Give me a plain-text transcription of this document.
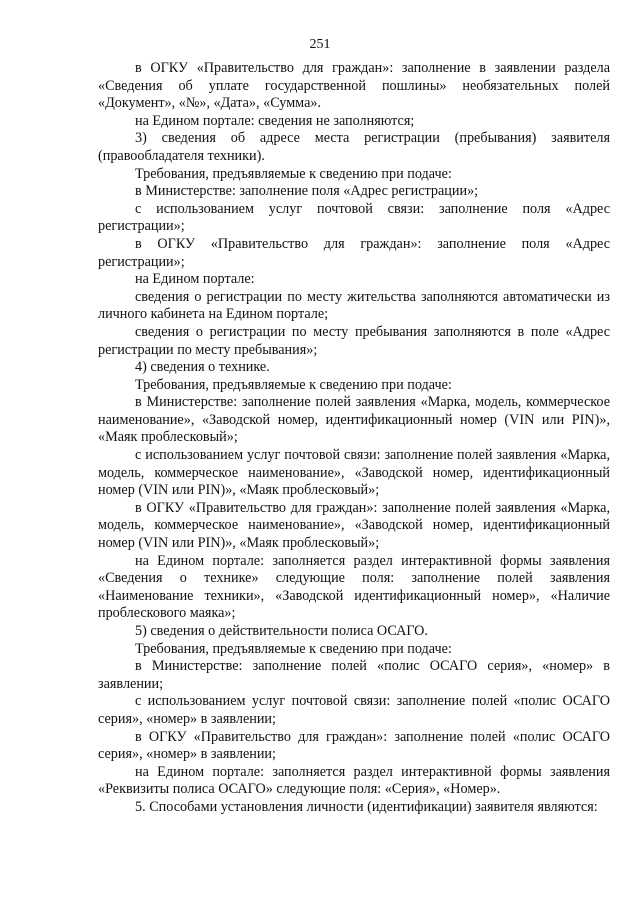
251

в ОГКУ «Правительство для граждан»: заполнение в заявлении раздела «Сведения об уплате государственной пошлины» необязательных полей «Документ», «№», «Дата», «Сумма».

на Едином портале: сведения не заполняются;

3) сведения об адресе места регистрации (пребывания) заявителя (правообладателя техники).

Требования, предъявляемые к сведению при подаче:

в Министерстве: заполнение поля «Адрес регистрации»;

с использованием услуг почтовой связи: заполнение поля «Адрес регистрации»;

в ОГКУ «Правительство для граждан»: заполнение поля «Адрес регистрации»;

на Едином портале:

сведения о регистрации по месту жительства заполняются автоматически из личного кабинета на Едином портале;

сведения о регистрации по месту пребывания заполняются в поле «Адрес регистрации по месту пребывания»;

4) сведения о технике.

Требования, предъявляемые к сведению при подаче:

в Министерстве: заполнение полей заявления «Марка, модель, коммерческое наименование», «Заводской номер, идентификационный номер (VIN или PIN)», «Маяк проблесковый»;

с использованием услуг почтовой связи: заполнение полей заявления «Марка, модель, коммерческое наименование», «Заводской номер, идентификационный номер (VIN или PIN)», «Маяк проблесковый»;

в ОГКУ «Правительство для граждан»: заполнение полей заявления «Марка, модель, коммерческое наименование», «Заводской номер, идентификационный номер (VIN или PIN)», «Маяк проблесковый»;

на Едином портале: заполняется раздел интерактивной формы заявления «Сведения о технике» следующие поля: заполнение полей заявления «Наименование техники», «Заводской идентификационный номер», «Наличие проблескового маяка»;

5) сведения о действительности полиса ОСАГО.

Требования, предъявляемые к сведению при подаче:

в Министерстве: заполнение полей «полис ОСАГО серия», «номер» в заявлении;

с использованием услуг почтовой связи: заполнение полей «полис ОСАГО серия», «номер» в заявлении;

в ОГКУ «Правительство для граждан»: заполнение полей «полис ОСАГО серия», «номер» в заявлении;

на Едином портале: заполняется раздел интерактивной формы заявления «Реквизиты полиса ОСАГО» следующие поля: «Серия», «Номер».

5. Способами установления личности (идентификации) заявителя являются:
